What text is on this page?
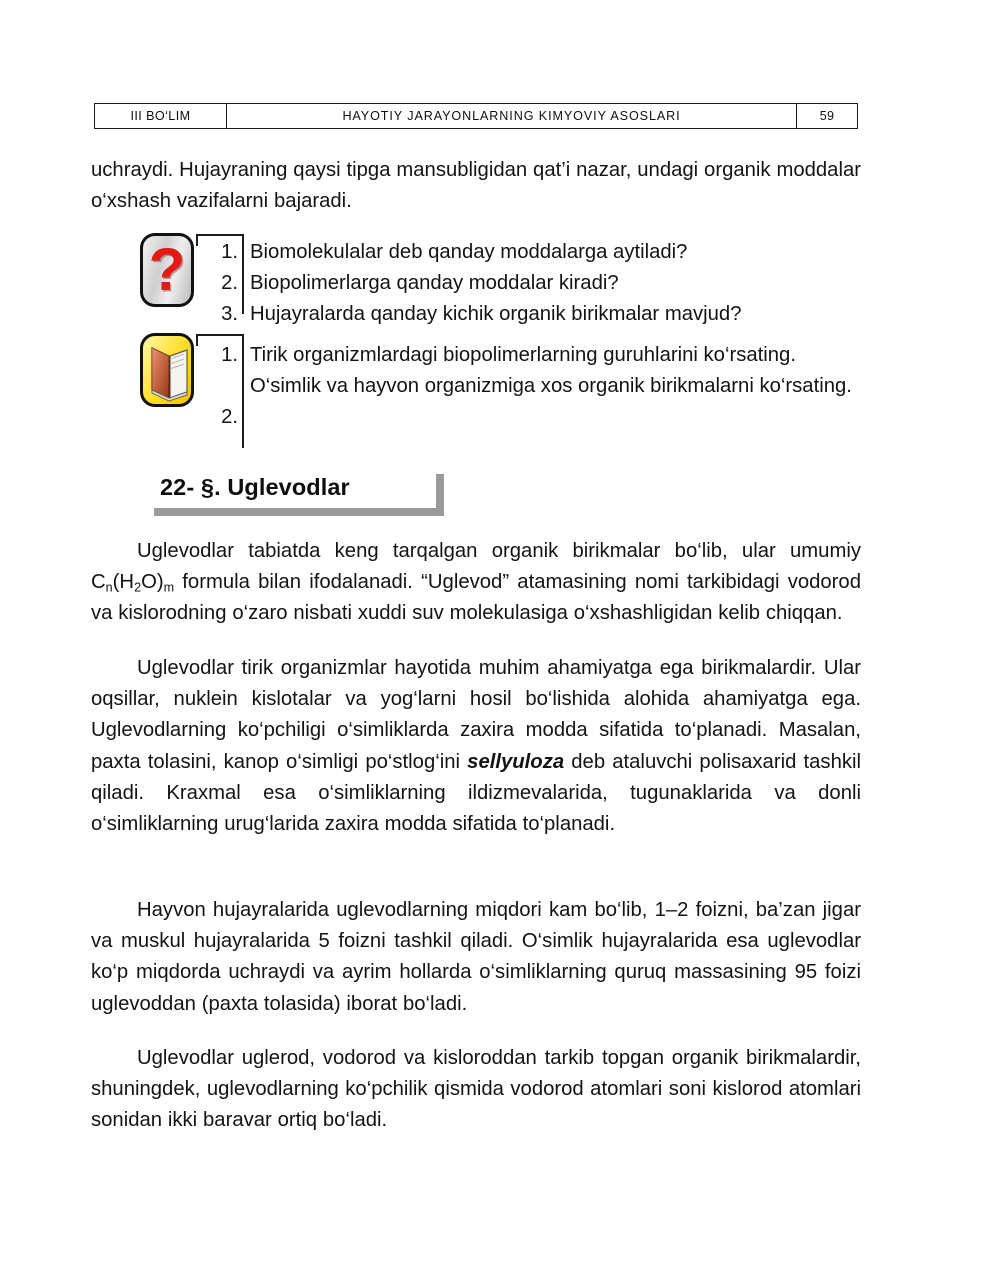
III BO‘LIM	HAYOTIY JARAYONLARNING KIMYOVIY ASOSLARI	59
uchraydi. Hujayraning qaysi tipga mansubligidan qat’i nazar, undagi organik moddalar o‘xshash vazifalarni bajaradi.
?	1.
2.
3.
Biomolekulalar deb qanday moddalarga aytiladi?
Biopolimerlarga qanday moddalar kiradi?
Hujayralarda qanday kichik organik birikmalar mavjud?
1.
2.
Tirik organizmlardagi biopolimerlarning guruhlarini ko‘rsating.
O‘simlik va hayvon organizmiga xos organik birikmalarni ko‘rsating.
22- §. Uglevodlar
Uglevodlar tabiatda keng tarqalgan organik birikmalar bo‘lib, ular umumiy $C_n(H_2O)_m$ formula bilan ifodalanadi. “Uglevod” atamasining nomi tarkibidagi vodorod va kislorodning o‘zaro nisbati xuddi suv molekulasiga o‘xshashligidan kelib chiqqan.
Uglevodlar tirik organizmlar hayotida muhim ahamiyatga ega birikmalardir. Ular oqsillar, nuklein kislotalar va yog‘larni hosil bo‘lishida alohida ahamiyatga ega. Uglevodlarning ko‘pchiligi o‘simliklarda zaxira modda sifatida to‘planadi. Masalan, paxta tolasini, kanop o‘simligi po‘stlog‘ini sellyuloza deb ataluvchi polisaxarid tashkil qiladi. Kraxmal esa o‘simliklarning ildizmevalarida, tugunaklarida va donli o‘simliklarning urug‘larida zaxira modda sifatida to‘planadi.
Hayvon hujayralarida uglevodlarning miqdori kam bo‘lib, 1–2 foizni, ba’zan jigar va muskul hujayralarida 5 foizni tashkil qiladi. O‘simlik hujayralarida esa uglevodlar ko‘p miqdorda uchraydi va ayrim hollarda o‘simliklarning quruq massasining 95 foizi uglevoddan (paxta tolasida) iborat bo‘ladi.
Uglevodlar uglerod, vodorod va kisloroddan tarkib topgan organik birikmalardir, shuningdek, uglevodlarning ko‘pchilik qismida vodorod atomlari soni kislorod atomlari sonidan ikki baravar ortiq bo‘ladi.
